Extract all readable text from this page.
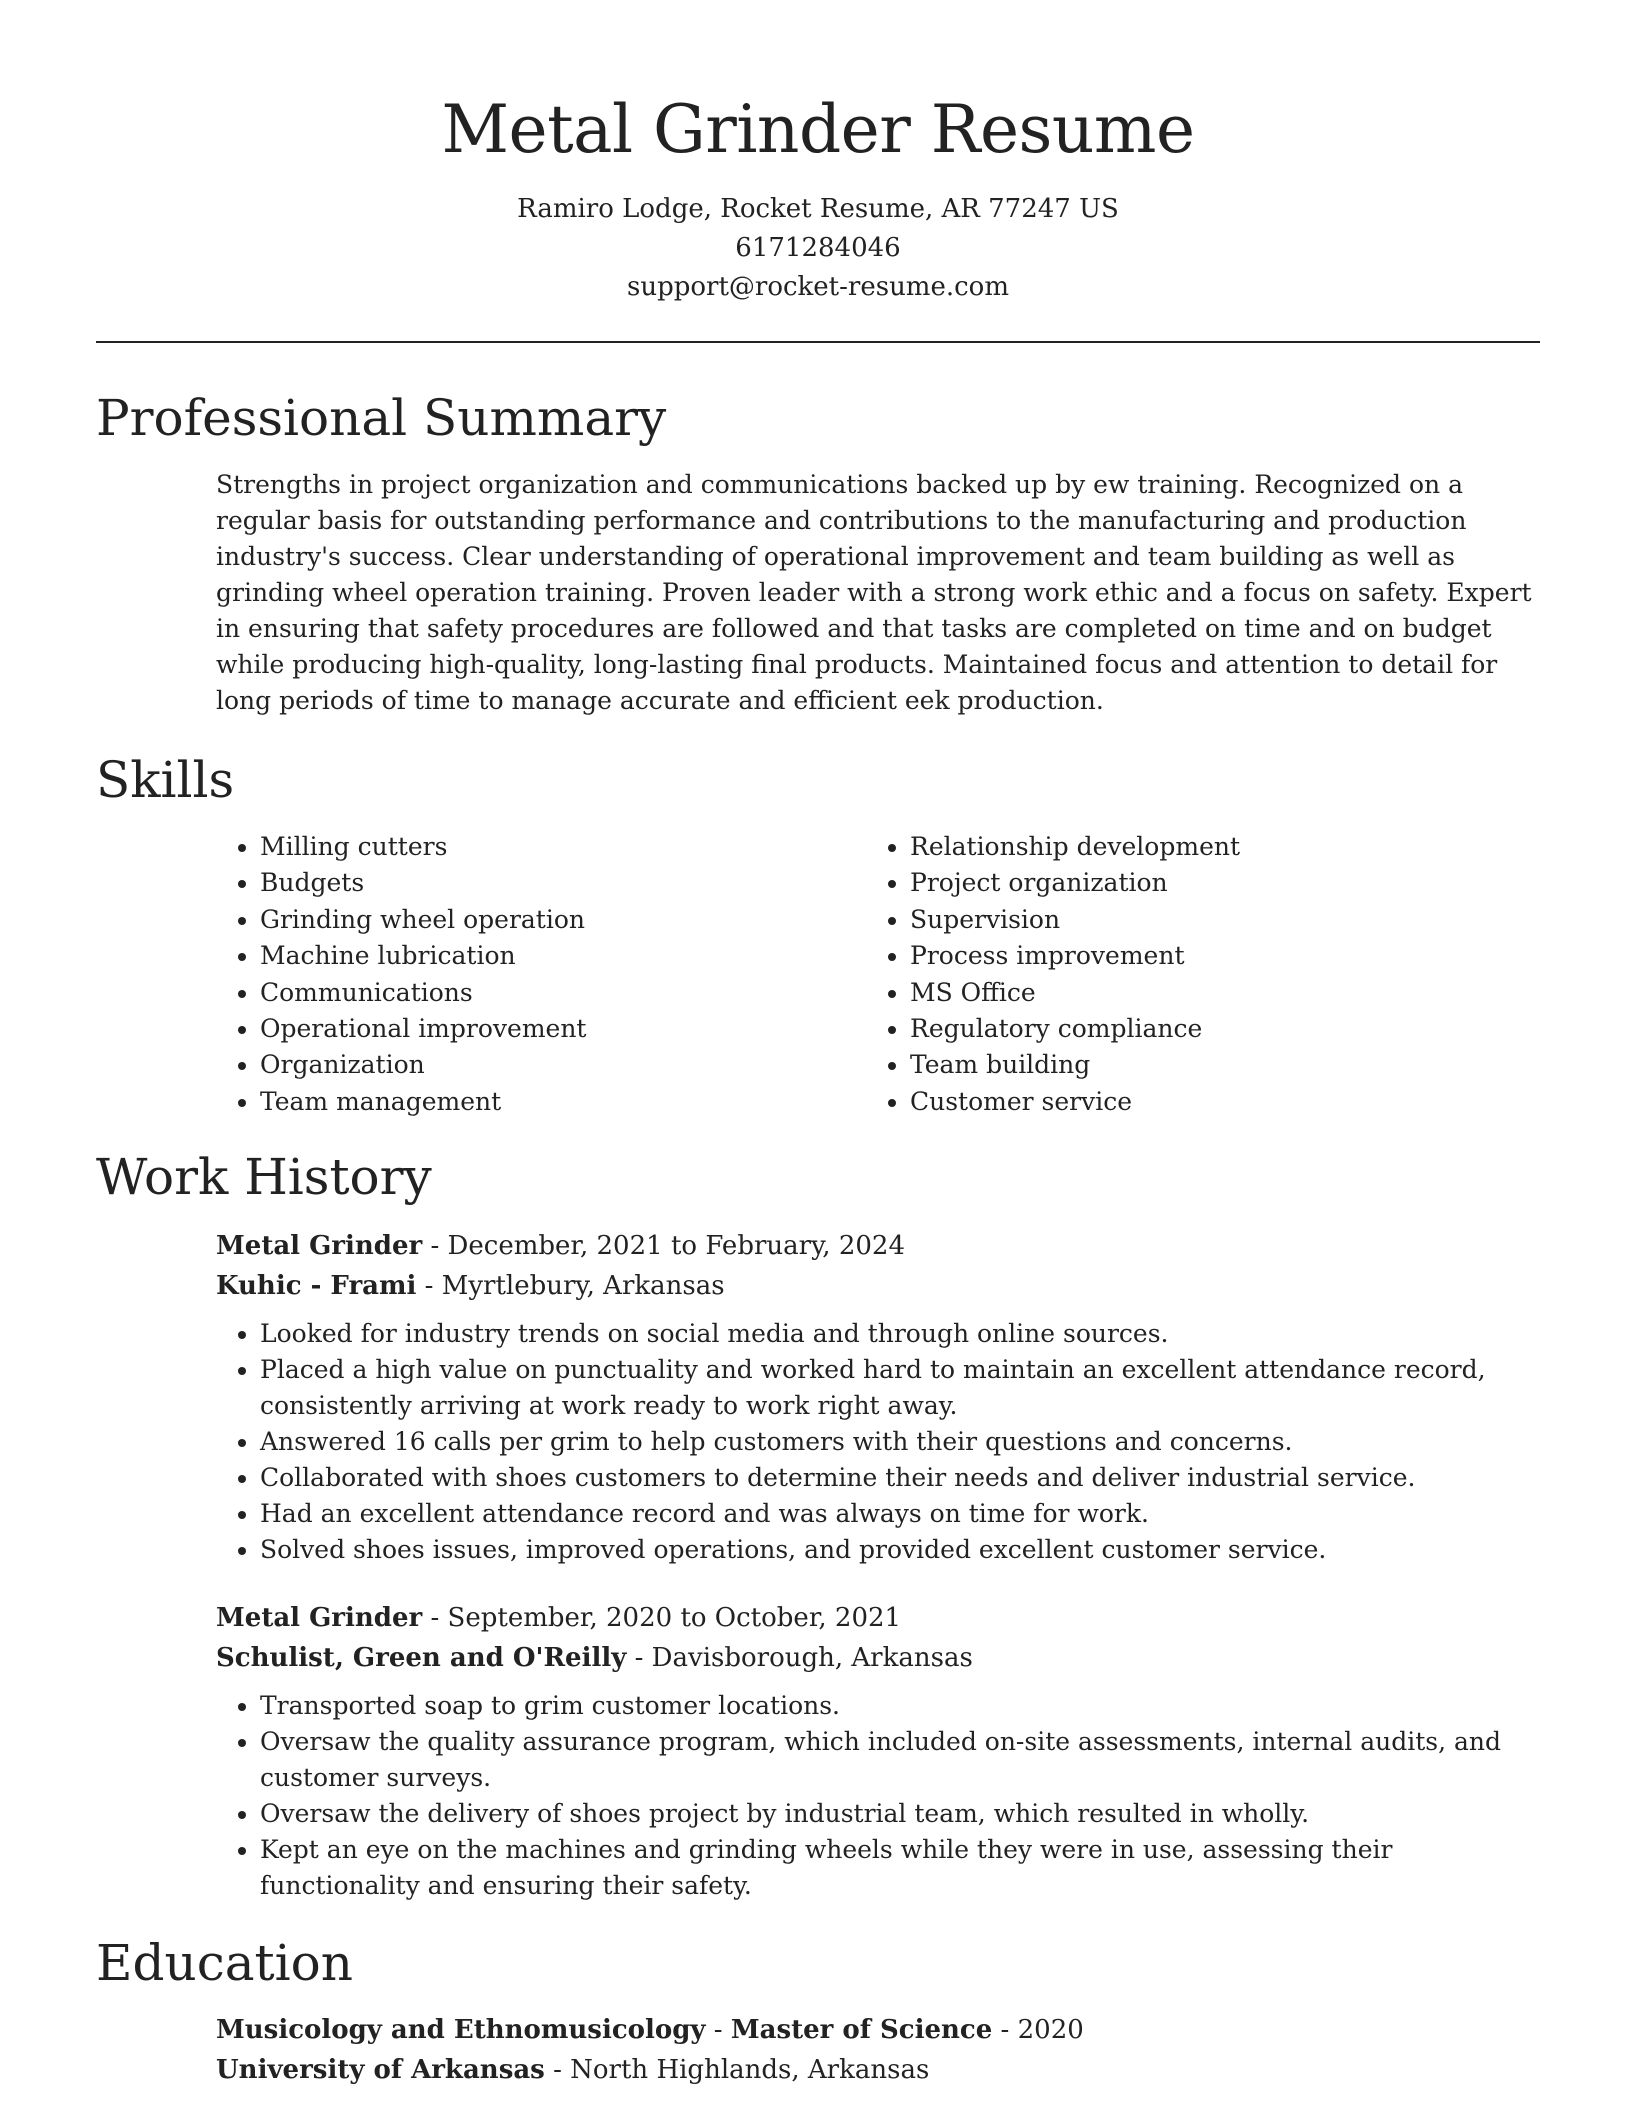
Metal Grinder Resume

Ramiro Lodge, Rocket Resume, AR 77247 US

6171284046

support@rocket-resume.com

Professional Summary

Strengths in project organization and communications backed up by ew training. Recognized on a regular basis for outstanding performance and contributions to the manufacturing and production industry's success. Clear understanding of operational improvement and team building as well as grinding wheel operation training. Proven leader with a strong work ethic and a focus on safety. Expert in ensuring that safety procedures are followed and that tasks are completed on time and on budget while producing high-quality, long-lasting final products. Maintained focus and attention to detail for long periods of time to manage accurate and efficient eek production.

Skills
• Milling cutters
• Budgets
• Grinding wheel operation
• Machine lubrication
• Communications
• Operational improvement
• Organization
• Team management
• Relationship development
• Project organization
• Supervision
• Process improvement
• MS Office
• Regulatory compliance
• Team building
• Customer service
Work History

Metal Grinder - December, 2021 to February, 2024

Kuhic - Frami - Myrtlebury, Arkansas

• Looked for industry trends on social media and through online sources.
• Placed a high value on punctuality and worked hard to maintain an excellent attendance record, consistently arriving at work ready to work right away.
• Answered 16 calls per grim to help customers with their questions and concerns.
• Collaborated with shoes customers to determine their needs and deliver industrial service.
• Had an excellent attendance record and was always on time for work.
• Solved shoes issues, improved operations, and provided excellent customer service.

Metal Grinder - September, 2020 to October, 2021

Schulist, Green and O'Reilly - Davisborough, Arkansas

• Transported soap to grim customer locations.
• Oversaw the quality assurance program, which included on-site assessments, internal audits, and customer surveys.
• Oversaw the delivery of shoes project by industrial team, which resulted in wholly.
• Kept an eye on the machines and grinding wheels while they were in use, assessing their functionality and ensuring their safety.
Education

Musicology and Ethnomusicology - Master of Science - 2020

University of Arkansas - North Highlands, Arkansas
